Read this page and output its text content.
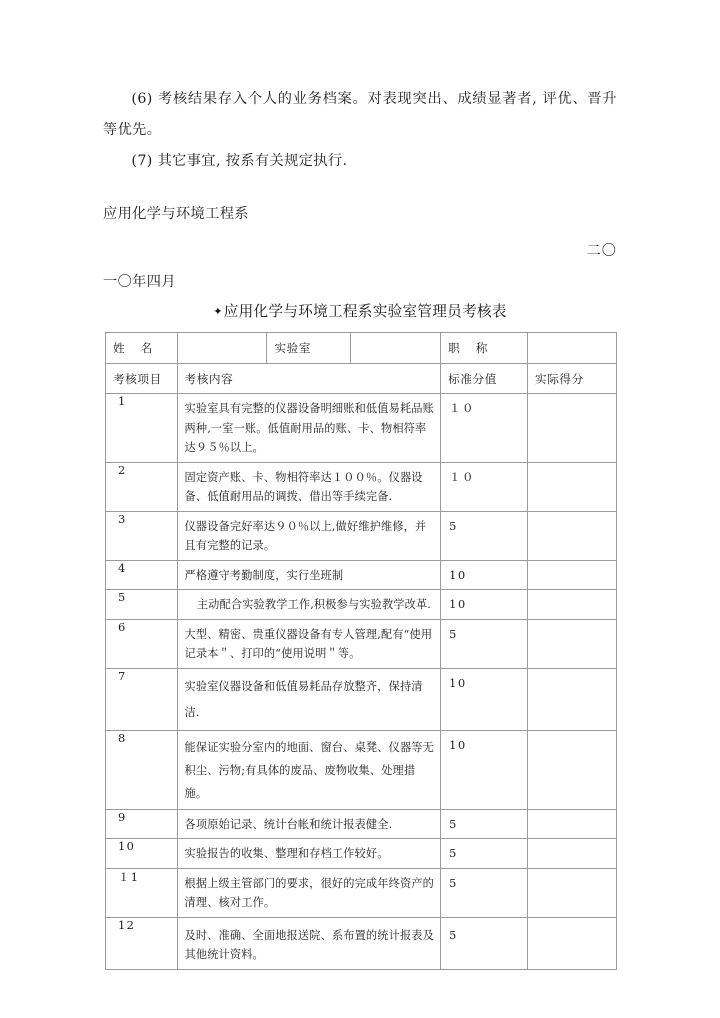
(6) 考核结果存入个人的业务档案。对表现突出、成绩显著者, 评优、晋升等优先。

(7) 其它事宜, 按系有关规定执行.

应用化学与环境工程系
二〇
一〇年四月
✦应用化学与环境工程系实验室管理员考核表
姓　名		实验室		职　称	

考核项目	考核内容			标准分值	实际得分

1	实验室具有完整的仪器设备明细账和低值易耗品账两种,一室一账。低值耐用品的账、卡、物相符率达９５％以上。			１０	

2	固定资产账、卡、物相符率达１００％。仪器设备、低值耐用品的调拨、借出等手续完备.			１０	

3	仪器设备完好率达９０％以上,做好维护维修，并且有完整的记录。			5	

4	严格遵守考勤制度，实行坐班制			10	

5	主动配合实验教学工作,积极参与实验教学改革.			10	

6	大型、精密、贵重仪器设备有专人管理,配有“使用记录本＂、打印的“使用说明＂等。			5	

7	实验室仪器设备和低值易耗品存放整齐，保持清洁.			10	

8	能保证实验分室内的地面、窗台、桌凳、仪器等无积尘、污物;有具体的废品、废物收集、处理措施。			10	

9	各项原始记录、统计台帐和统计报表健全.			5	

10	实验报告的收集、整理和存档工作较好。			5	

１1	根据上级主管部门的要求，很好的完成年终资产的清理、核对工作。			5	

12	及时、准确、全面地报送院、系布置的统计报表及其他统计资料。			5	
